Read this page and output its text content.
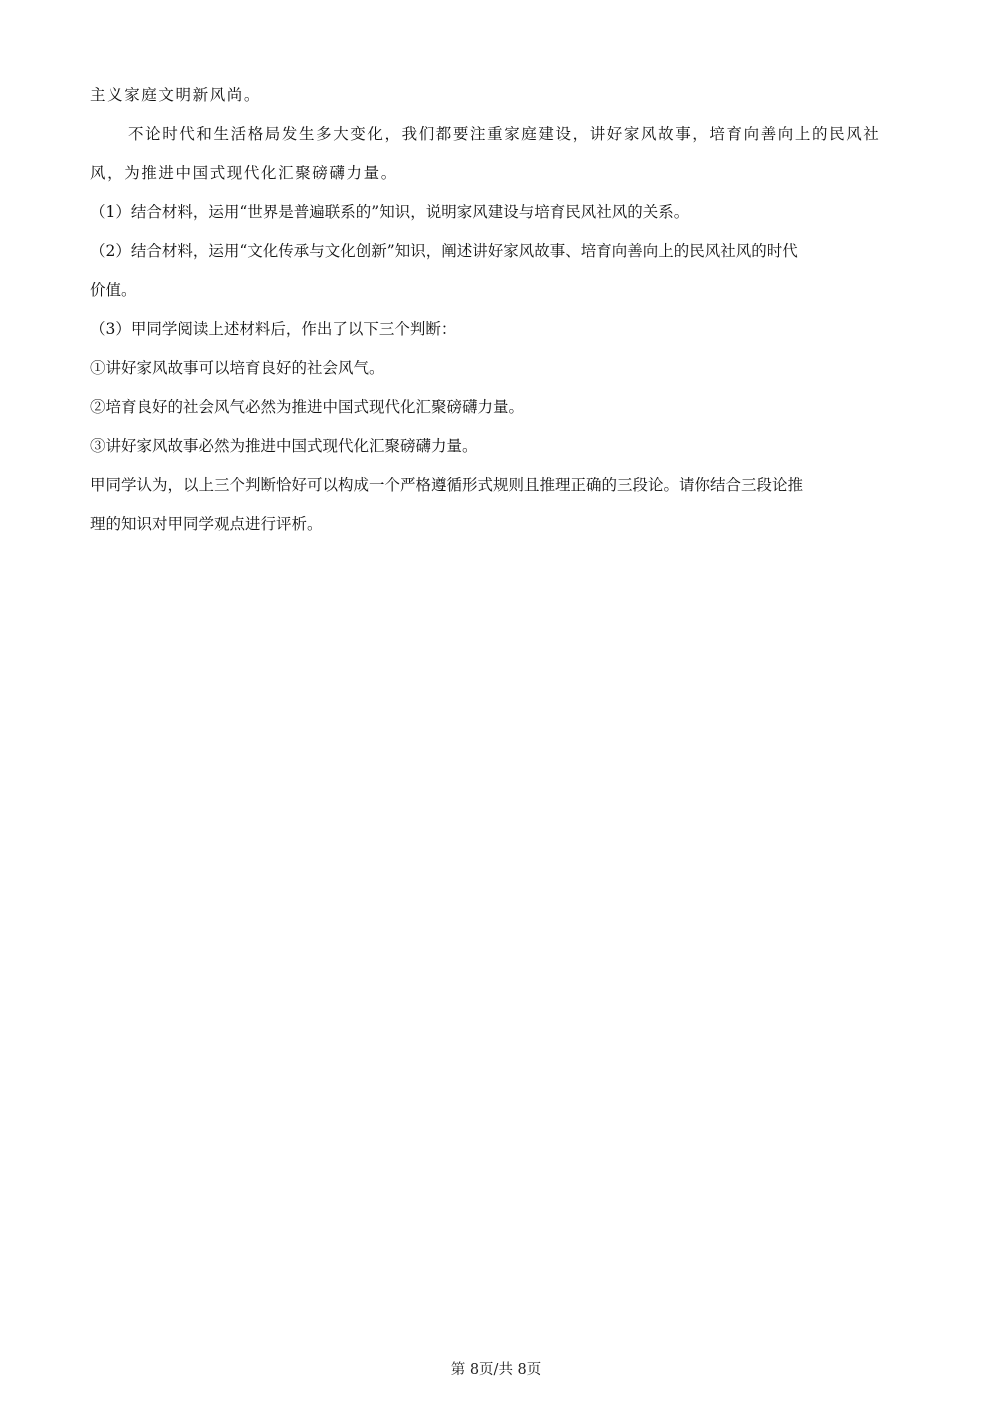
主义家庭文明新风尚。

不论时代和生活格局发生多大变化，我们都要注重家庭建设，讲好家风故事，培育向善向上的民风社

风，为推进中国式现代化汇聚磅礴力量。

（1）结合材料，运用“世界是普遍联系的”知识，说明家风建设与培育民风社风的关系。

（2）结合材料，运用“文化传承与文化创新”知识，阐述讲好家风故事、培育向善向上的民风社风的时代

价值。

（3）甲同学阅读上述材料后，作出了以下三个判断：

①讲好家风故事可以培育良好的社会风气。

②培育良好的社会风气必然为推进中国式现代化汇聚磅礴力量。

③讲好家风故事必然为推进中国式现代化汇聚磅礴力量。

甲同学认为，以上三个判断恰好可以构成一个严格遵循形式规则且推理正确的三段论。请你结合三段论推

理的知识对甲同学观点进行评析。

第 8页/共 8页
